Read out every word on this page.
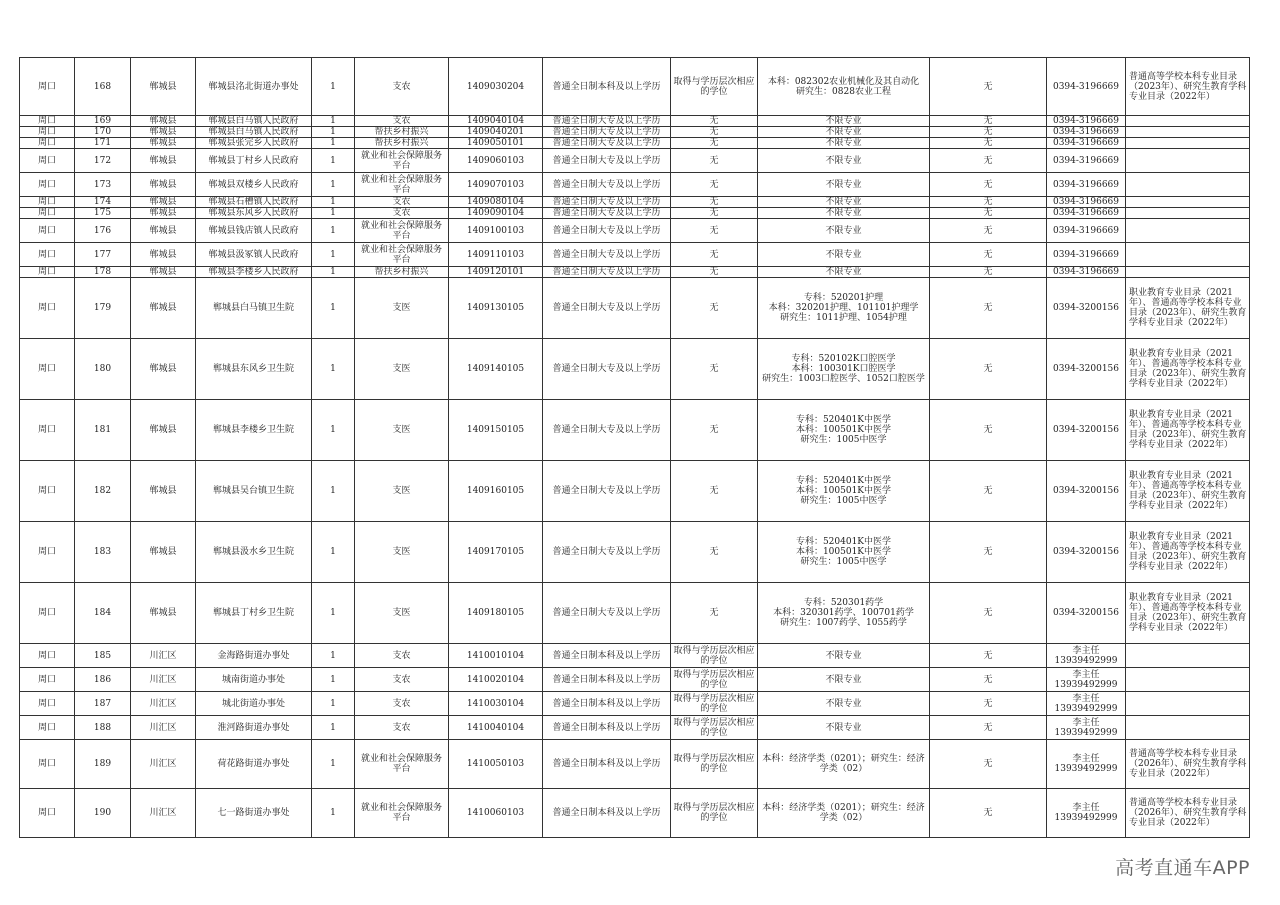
周口	168	郸城县	郸城县洺北街道办事处	1	支农	1409030204	普通全日制本科及以上学历	取得与学历层次相应的学位	本科：082302农业机械化及其自动化
研究生：0828农业工程	无	0394-3196669	普通高等学校本科专业目录（2023年）、研究生教育学科专业目录（2022年）
周口	169	郸城县	郸城县白马镇人民政府	1	支农	1409040104	普通全日制大专及以上学历	无	不限专业	无	0394-3196669	
周口	170	郸城县	郸城县白马镇人民政府	1	帮扶乡村振兴	1409040201	普通全日制大专及以上学历	无	不限专业	无	0394-3196669	
周口	171	郸城县	郸城县张完乡人民政府	1	帮扶乡村振兴	1409050101	普通全日制大专及以上学历	无	不限专业	无	0394-3196669	
周口	172	郸城县	郸城县丁村乡人民政府	1	就业和社会保障服务平台	1409060103	普通全日制大专及以上学历	无	不限专业	无	0394-3196669	
周口	173	郸城县	郸城县双楼乡人民政府	1	就业和社会保障服务平台	1409070103	普通全日制大专及以上学历	无	不限专业	无	0394-3196669	
周口	174	郸城县	郸城县石槽镇人民政府	1	支农	1409080104	普通全日制大专及以上学历	无	不限专业	无	0394-3196669	
周口	175	郸城县	郸城县东风乡人民政府	1	支农	1409090104	普通全日制大专及以上学历	无	不限专业	无	0394-3196669	
周口	176	郸城县	郸城县钱店镇人民政府	1	就业和社会保障服务平台	1409100103	普通全日制大专及以上学历	无	不限专业	无	0394-3196669	
周口	177	郸城县	郸城县汲冢镇人民政府	1	就业和社会保障服务平台	1409110103	普通全日制大专及以上学历	无	不限专业	无	0394-3196669	
周口	178	郸城县	郸城县李楼乡人民政府	1	帮扶乡村振兴	1409120101	普通全日制大专及以上学历	无	不限专业	无	0394-3196669	
周口	179	郸城县	郸城县白马镇卫生院	1	支医	1409130105	普通全日制大专及以上学历	无	专科：520201护理
本科：320201护理、101101护理学
研究生：1011护理、1054护理	无	0394-3200156	职业教育专业目录（2021年）、普通高等学校本科专业目录（2023年）、研究生教育学科专业目录（2022年）
周口	180	郸城县	郸城县东风乡卫生院	1	支医	1409140105	普通全日制大专及以上学历	无	专科：520102K口腔医学
本科：100301K口腔医学
研究生：1003口腔医学、1052口腔医学	无	0394-3200156	职业教育专业目录（2021年）、普通高等学校本科专业目录（2023年）、研究生教育学科专业目录（2022年）
周口	181	郸城县	郸城县李楼乡卫生院	1	支医	1409150105	普通全日制大专及以上学历	无	专科：520401K中医学
本科：100501K中医学
研究生：1005中医学	无	0394-3200156	职业教育专业目录（2021年）、普通高等学校本科专业目录（2023年）、研究生教育学科专业目录（2022年）
周口	182	郸城县	郸城县吴台镇卫生院	1	支医	1409160105	普通全日制大专及以上学历	无	专科：520401K中医学
本科：100501K中医学
研究生：1005中医学	无	0394-3200156	职业教育专业目录（2021年）、普通高等学校本科专业目录（2023年）、研究生教育学科专业目录（2022年）
周口	183	郸城县	郸城县汲水乡卫生院	1	支医	1409170105	普通全日制大专及以上学历	无	专科：520401K中医学
本科：100501K中医学
研究生：1005中医学	无	0394-3200156	职业教育专业目录（2021年）、普通高等学校本科专业目录（2023年）、研究生教育学科专业目录（2022年）
周口	184	郸城县	郸城县丁村乡卫生院	1	支医	1409180105	普通全日制大专及以上学历	无	专科：520301药学
本科：320301药学、100701药学
研究生：1007药学、1055药学	无	0394-3200156	职业教育专业目录（2021年）、普通高等学校本科专业目录（2023年）、研究生教育学科专业目录（2022年）
周口	185	川汇区	金海路街道办事处	1	支农	1410010104	普通全日制本科及以上学历	取得与学历层次相应的学位	不限专业	无	李主任
13939492999	
周口	186	川汇区	城南街道办事处	1	支农	1410020104	普通全日制本科及以上学历	取得与学历层次相应的学位	不限专业	无	李主任
13939492999	
周口	187	川汇区	城北街道办事处	1	支农	1410030104	普通全日制本科及以上学历	取得与学历层次相应的学位	不限专业	无	李主任
13939492999	
周口	188	川汇区	淮河路街道办事处	1	支农	1410040104	普通全日制本科及以上学历	取得与学历层次相应的学位	不限专业	无	李主任
13939492999	
周口	189	川汇区	荷花路街道办事处	1	就业和社会保障服务平台	1410050103	普通全日制本科及以上学历	取得与学历层次相应的学位	本科：经济学类（0201）；研究生：经济学类（02）	无	李主任
13939492999	普通高等学校本科专业目录（2026年）、研究生教育学科专业目录（2022年）
周口	190	川汇区	七一路街道办事处	1	就业和社会保障服务平台	1410060103	普通全日制本科及以上学历	取得与学历层次相应的学位	本科：经济学类（0201）；研究生：经济学类（02）	无	李主任
13939492999	普通高等学校本科专业目录（2026年）、研究生教育学科专业目录（2022年）
高考直通车APP
